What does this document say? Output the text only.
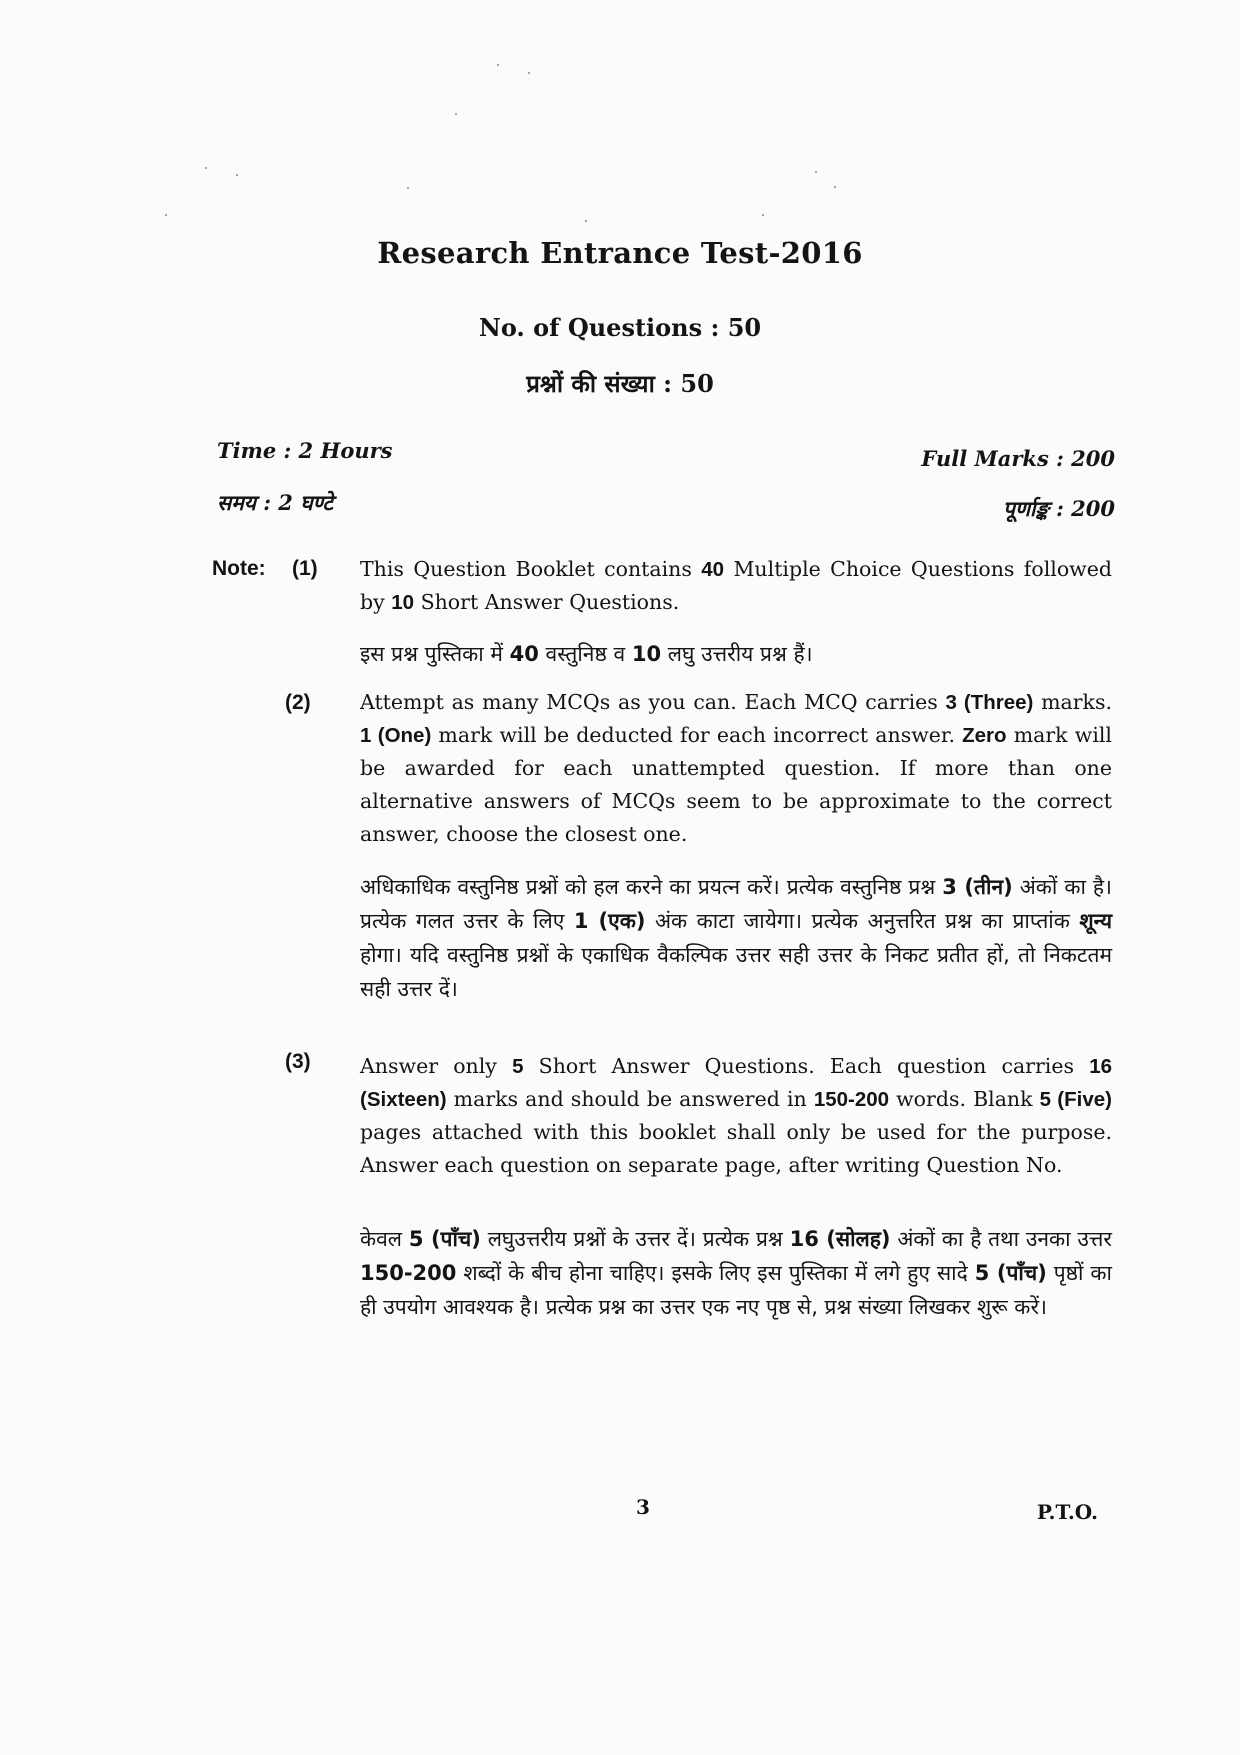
Research Entrance Test-2016
No. of Questions : 50
प्रश्नों की संख्या : 50
Time : 2 Hours
समय : 2 घण्टे
Full Marks : 200
पूर्णाङ्क : 200
Note: (1) This Question Booklet contains 40 Multiple Choice Questions followed by 10 Short Answer Questions.
इस प्रश्न पुस्तिका में 40 वस्तुनिष्ठ व 10 लघु उत्तरीय प्रश्न हैं।
(2) Attempt as many MCQs as you can. Each MCQ carries 3 (Three) marks. 1 (One) mark will be deducted for each incorrect answer. Zero mark will be awarded for each unattempted question. If more than one alternative answers of MCQs seem to be approximate to the correct answer, choose the closest one.
अधिकाधिक वस्तुनिष्ठ प्रश्नों को हल करने का प्रयत्न करें। प्रत्येक वस्तुनिष्ठ प्रश्न 3 (तीन) अंकों का है। प्रत्येक गलत उत्तर के लिए 1 (एक) अंक काटा जायेगा। प्रत्येक अनुत्तरित प्रश्न का प्राप्तांक शून्य होगा। यदि वस्तुनिष्ठ प्रश्नों के एकाधिक वैकल्पिक उत्तर सही उत्तर के निकट प्रतीत हों, तो निकटतम सही उत्तर दें।
(3) Answer only 5 Short Answer Questions. Each question carries 16 (Sixteen) marks and should be answered in 150-200 words. Blank 5 (Five) pages attached with this booklet shall only be used for the purpose. Answer each question on separate page, after writing Question No.
केवल 5 (पाँच) लघुउत्तरीय प्रश्नों के उत्तर दें। प्रत्येक प्रश्न 16 (सोलह) अंकों का है तथा उनका उत्तर 150-200 शब्दों के बीच होना चाहिए। इसके लिए इस पुस्तिका में लगे हुए सादे 5 (पाँच) पृष्ठों का ही उपयोग आवश्यक है। प्रत्येक प्रश्न का उत्तर एक नए पृष्ठ से, प्रश्न संख्या लिखकर शुरू करें।
3	P.T.O.
